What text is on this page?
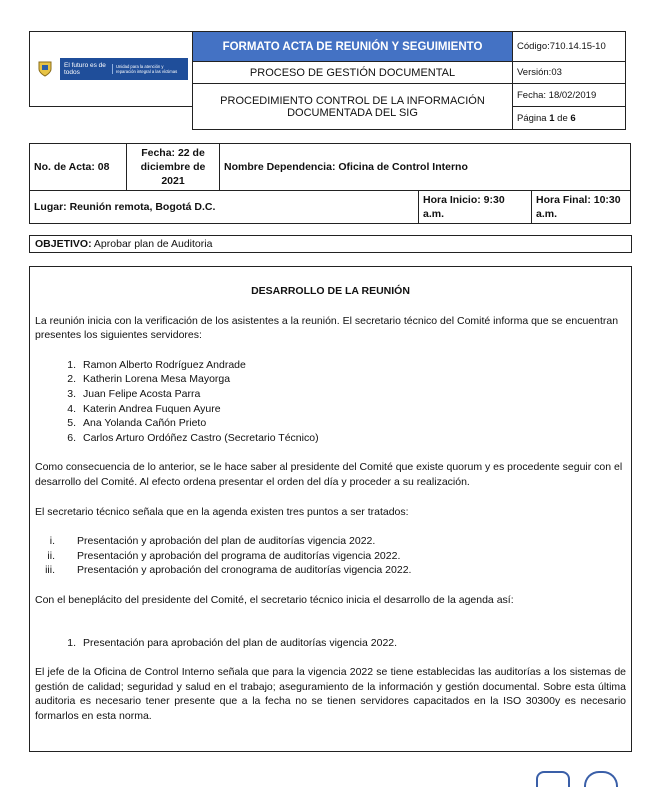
El futuro es de todos
Unidad para la atención y reparación integral a las víctimas	FORMATO ACTA DE REUNIÓN Y SEGUIMIENTO	Código:710.14.15-10
	PROCESO DE GESTIÓN DOCUMENTAL	Versión:03
	PROCEDIMIENTO CONTROL DE LA INFORMACIÓN DOCUMENTADA DEL SIG	Fecha: 18/02/2019
		Página 1 de 6
No. de Acta: 08	Fecha: 22 de diciembre de 2021	Nombre Dependencia: Oficina de Control Interno		
Lugar: Reunión remota, Bogotá D.C.			Hora Inicio: 9:30 a.m.	Hora Final: 10:30 a.m.
OBJETIVO: Aprobar plan de Auditoria
DESARROLLO DE LA REUNIÓN

La reunión inicia con la verificación de los asistentes a la reunión. El secretario técnico del Comité informa que se encuentran presentes los siguientes servidores:

1. Ramon Alberto Rodríguez Andrade
2. Katherin Lorena Mesa Mayorga
3. Juan Felipe Acosta Parra
4. Katerin Andrea Fuquen Ayure
5. Ana Yolanda Cañón Prieto
6. Carlos Arturo Ordóñez Castro (Secretario Técnico)

Como consecuencia de lo anterior, se le hace saber al presidente del Comité que existe quorum y es procedente seguir con el desarrollo del Comité. Al efecto ordena presentar el orden del día y proceder a su realización.

El secretario técnico señala que en la agenda existen tres puntos a ser tratados:

i.	Presentación y aprobación del plan de auditorías vigencia 2022.
ii.	Presentación y aprobación del programa de auditorías vigencia 2022.
iii.	Presentación y aprobación del cronograma de auditorías vigencia 2022.

Con el beneplácito del presidente del Comité, el secretario técnico inicia el desarrollo de la agenda así:

1. Presentación para aprobación del plan de auditorías vigencia 2022.

El jefe de la Oficina de Control Interno señala que para la vigencia 2022 se tiene establecidas las auditorías a los sistemas de gestión de calidad; seguridad y salud en el trabajo; aseguramiento de la información y gestión documental. Sobre esta última auditoria es necesario tener presente que a la fecha no se tienen servidores capacitados en la ISO 30300y es necesario formarlos en esta norma.
